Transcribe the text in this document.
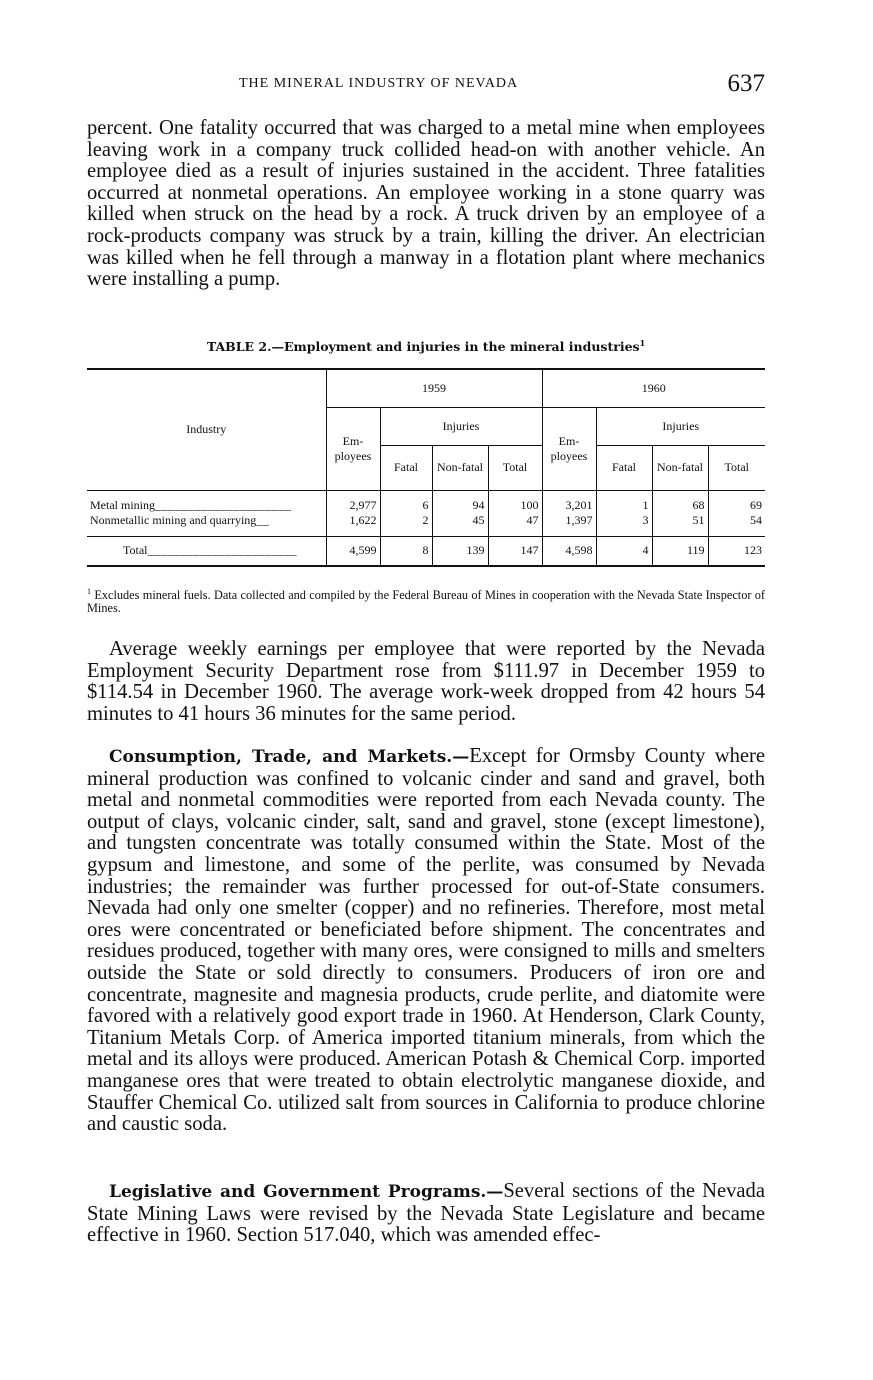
THE MINERAL INDUSTRY OF NEVADA	637

percent. One fatality occurred that was charged to a metal mine when employees leaving work in a company truck collided head-on with another vehicle. An employee died as a result of injuries sustained in the accident. Three fatalities occurred at nonmetal operations. An employee working in a stone quarry was killed when struck on the head by a rock. A truck driven by an employee of a rock-products company was struck by a train, killing the driver. An electrician was killed when he fell through a manway in a flotation plant where mechanics were installing a pump.

TABLE 2.—Employment and injuries in the mineral industries$^1$
Industry	1959				1960			
	Em-ployees	Injuries			Em-ployees	Injuries		
		Fatal	Non-fatal	Total		Fatal	Non-fatal	Total

Metal mining_____________________	2,977	6	94	100	3,201	1	68	69
Nonmetallic mining and quarrying__	1,622	2	45	47	1,397	3	51	54

Total_______________________	4,599	8	139	147	4,598	4	119	123
$^1$ Excludes mineral fuels. Data collected and compiled by the Federal Bureau of Mines in cooperation with the Nevada State Inspector of Mines.

Average weekly earnings per employee that were reported by the Nevada Employment Security Department rose from $111.97 in December 1959 to $114.54 in December 1960. The average work-week dropped from 42 hours 54 minutes to 41 hours 36 minutes for the same period.

Consumption, Trade, and Markets.—Except for Ormsby County where mineral production was confined to volcanic cinder and sand and gravel, both metal and nonmetal commodities were reported from each Nevada county. The output of clays, volcanic cinder, salt, sand and gravel, stone (except limestone), and tungsten concentrate was totally consumed within the State. Most of the gypsum and limestone, and some of the perlite, was consumed by Nevada industries; the remainder was further processed for out-of-State consumers. Nevada had only one smelter (copper) and no refineries. Therefore, most metal ores were concentrated or beneficiated before shipment. The concentrates and residues produced, together with many ores, were consigned to mills and smelters outside the State or sold directly to consumers. Producers of iron ore and concentrate, magnesite and magnesia products, crude perlite, and diatomite were favored with a relatively good export trade in 1960. At Henderson, Clark County, Titanium Metals Corp. of America imported titanium minerals, from which the metal and its alloys were produced. American Potash & Chemical Corp. imported manganese ores that were treated to obtain electrolytic manganese dioxide, and Stauffer Chemical Co. utilized salt from sources in California to produce chlorine and caustic soda.

Legislative and Government Programs.—Several sections of the Nevada State Mining Laws were revised by the Nevada State Legislature and became effective in 1960. Section 517.040, which was amended effec-
